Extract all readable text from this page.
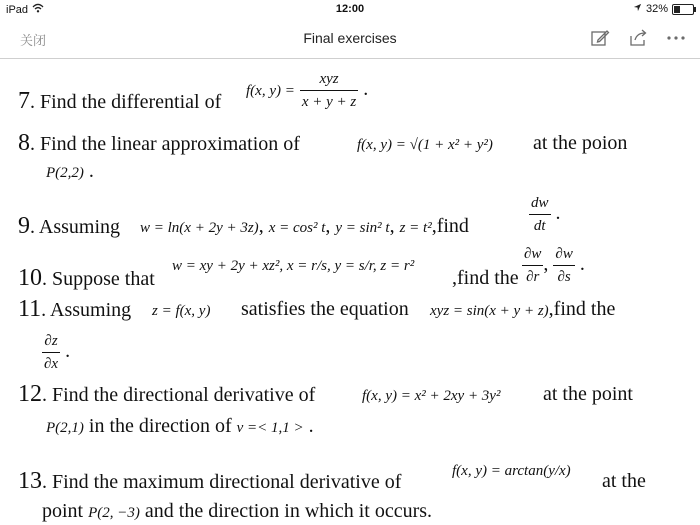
iPad	12:00	32%
关闭	Final exercises
7. Find the differential of f(x, $y) = \frac{\text{xyz}}{x + y + z}$ .
8. Find the linear approximation of	f(x, y) = √(1 + x² + y²) at the poion
P(2,2) .
9. Assuming w = ln(x + 2y + 3z), x = cos² t, y = sin² t, z = t²,find	$\frac{dw}{dt}$ .
10. Suppose that
w = xy + 2y + xz², x = r/s, y = s/r, z = r²
,find the $\frac{\partial w}{\partial r}$ , $\frac{\partial w}{\partial s}$ .
11. Assuming z = f(x, y) satisfies the equation xyz = sin(x + y + z),find the
$\frac{\partial z}{\partial x}$ .
12. Find the directional derivative of	f(x, y) = x² + 2xy + 3y² at the point
P(2,1) in the direction of v =< 1,1 > .
13. Find the maximum directional derivative of	f(x, y) = arctan(y/x) at the
point P(2, −3) and the direction in which it occurs.
